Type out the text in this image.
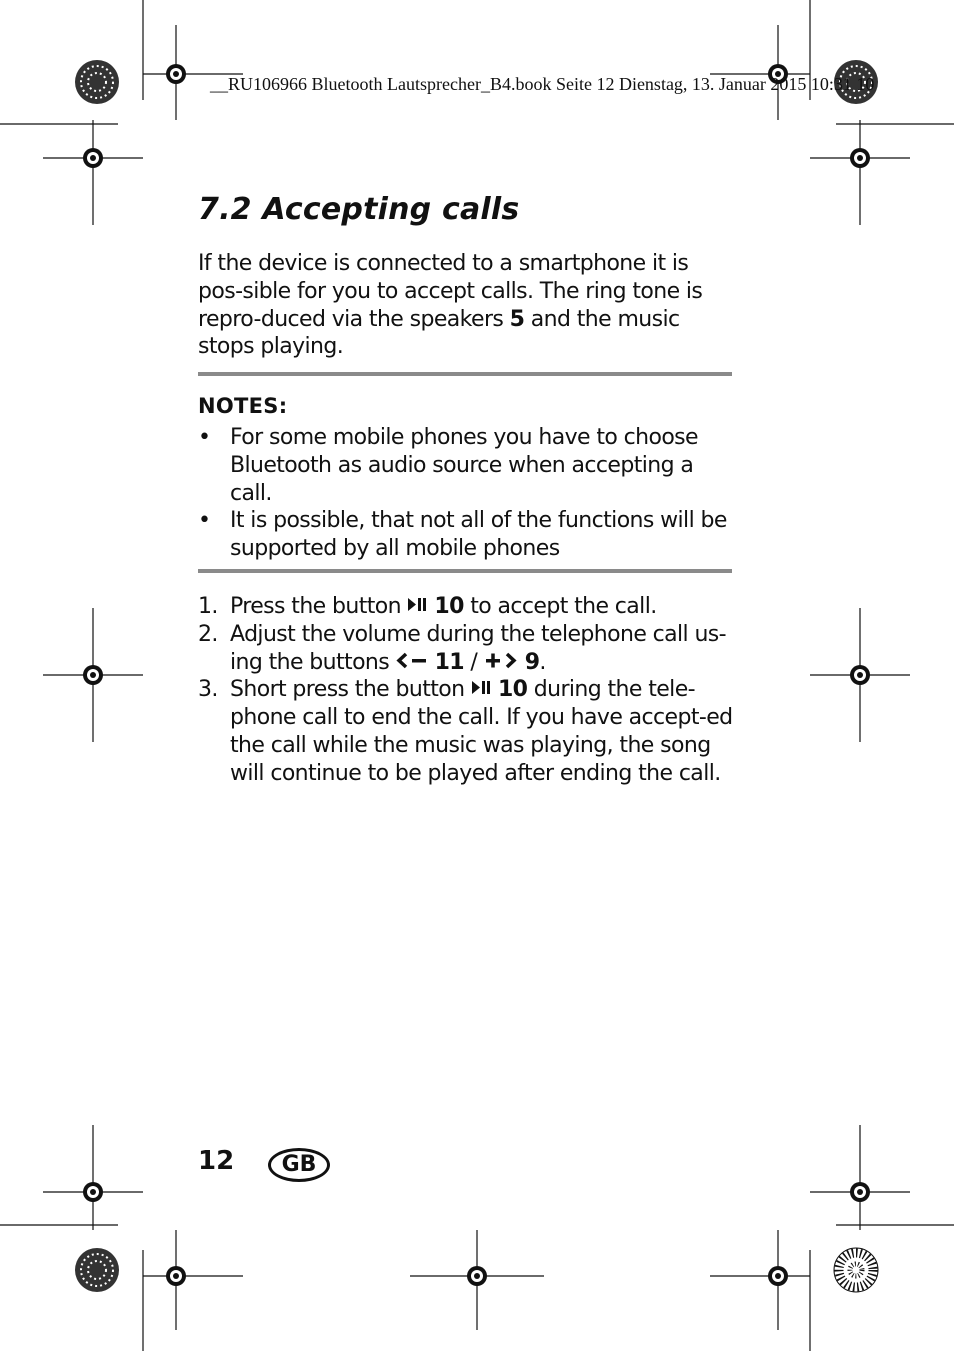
__RU106966 Bluetooth Lautsprecher_B4.book Seite 12 Dienstag, 13. Januar 2015 10:31 10
7.2 Accepting calls

If the device is connected to a smartphone it is pos-sible for you to accept calls. The ring tone is repro-duced via the speakers 5 and the music stops playing.

NOTES:
• For some mobile phones you have to choose Bluetooth as audio source when accepting a call.
• It is possible, that not all of the functions will be supported by all mobile phones
1. Press the button  10 to accept the call.
2. Adjust the volume during the telephone call us-ing the buttons  11 /  9.
3. Short press the button  10 during the tele-phone call to end the call. If you have accept-ed the call while the music was playing, the song will continue to be played after ending the call.
12	GB
